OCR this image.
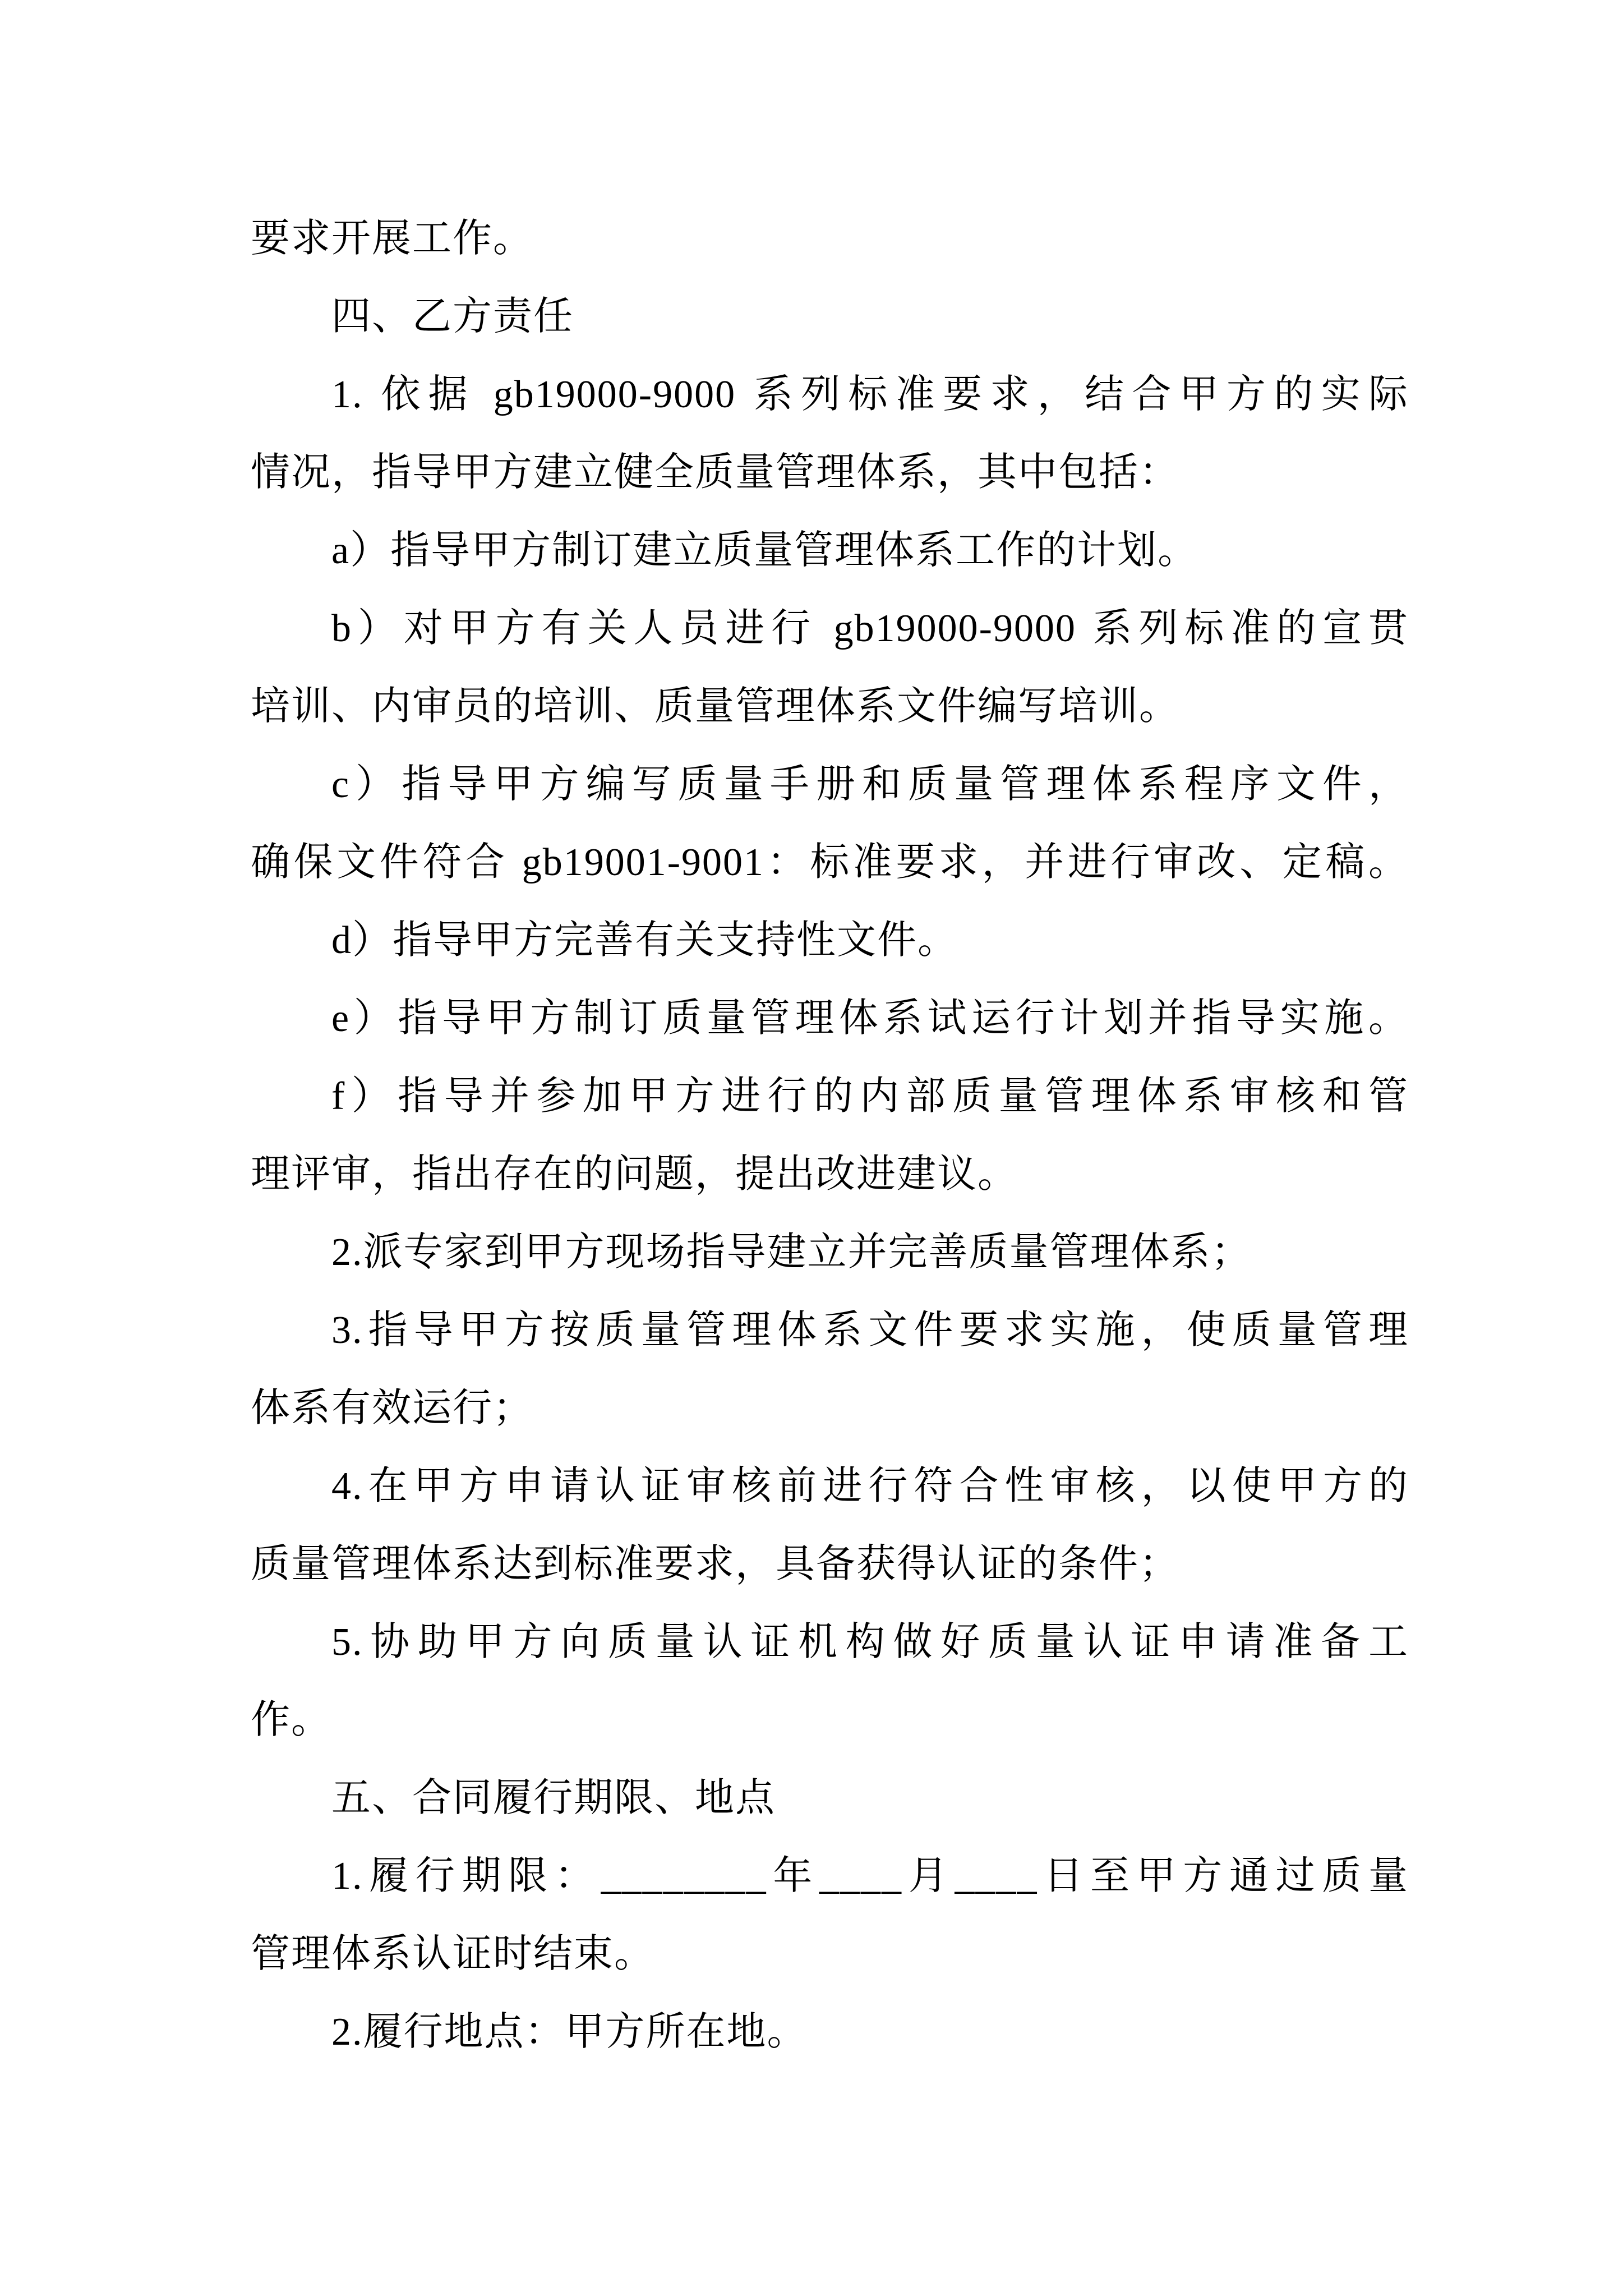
要求开展工作。
四、乙方责任
1. 依据 gb19000-9000 系列标准要求，结合甲方的实际
情况，指导甲方建立健全质量管理体系，其中包括：
a）指导甲方制订建立质量管理体系工作的计划。
b）对甲方有关人员进行 gb19000-9000 系列标准的宣贯
培训、内审员的培训、质量管理体系文件编写培训。
c）指导甲方编写质量手册和质量管理体系程序文件，
确保文件符合 gb19001-9001：标准要求，并进行审改、定稿。
d）指导甲方完善有关支持性文件。
e）指导甲方制订质量管理体系试运行计划并指导实施。
f）指导并参加甲方进行的内部质量管理体系审核和管
理评审，指出存在的问题，提出改进建议。
2.派专家到甲方现场指导建立并完善质量管理体系；
3.指导甲方按质量管理体系文件要求实施，使质量管理
体系有效运行；
4.在甲方申请认证审核前进行符合性审核，以使甲方的
质量管理体系达到标准要求，具备获得认证的条件；
5.协助甲方向质量认证机构做好质量认证申请准备工
作。
五、合同履行期限、地点
1.履行期限：________年____月____日至甲方通过质量
管理体系认证时结束。
2.履行地点：甲方所在地。
